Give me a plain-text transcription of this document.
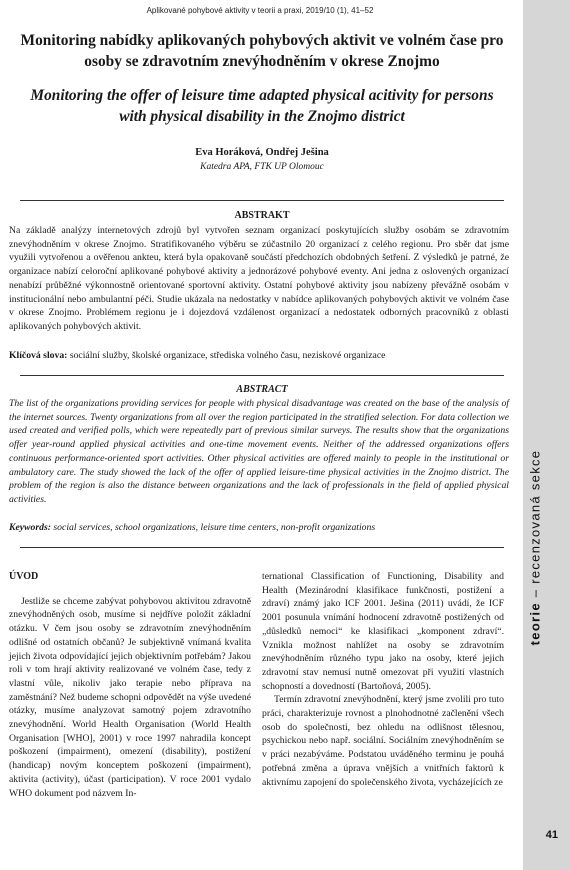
Aplikované pohybové aktivity v teorii a praxi, 2019/10 (1), 41–52
Monitoring nabídky aplikovaných pohybových aktivit ve volném čase pro osoby se zdravotním znevýhodněním v okrese Znojmo
Monitoring the offer of leisure time adapted physical acitivity for persons with physical disability in the Znojmo district
Eva Horáková, Ondřej Ješina
Katedra APA, FTK UP Olomouc
ABSTRAKT

Na základě analýzy internetových zdrojů byl vytvořen seznam organizací poskytujících služby osobám se zdravotním znevýhodněním v okrese Znojmo. Stratifikovaného výběru se zúčastnilo 20 organizací z celého regionu. Pro sběr dat jsme využili vytvořenou a ověřenou ankteu, která byla opakovaně součástí předchozích obdobných šetření. Z výsledků je patrné, že organizace nabízí celoroční aplikované pohybové aktivity a jednorázové pohybové eventy. Ani jedna z oslovených organizací nenabízí průběžné výkonnostně orientované sportovní aktivity. Ostatní pohybové aktivity jsou nabízeny převážně osobám v institucionální nebo ambulantní péči. Studie ukázala na nedostatky v nabídce aplikovaných pohybových aktivit ve volném čase v okrese Znojmo. Problémem regionu je i dojezdová vzdálenost organizací a nedostatek odborných pracovníků z oblasti aplikovaných pohybových aktivit.

Klíčová slova: sociální služby, školské organizace, střediska volného času, neziskové organizace
ABSTRACT

The list of the organizations providing services for people with physical disadvantage was created on the base of the analysis of the internet sources. Twenty organizations from all over the region participated in the stratified selection. For data collection we used created and verified polls, which were repeatedly part of previous similar surveys. The results show that the organizations offer year-round applied physical activities and one-time movement events. Neither of the addressed organizations offers continuous performance-oriented sport activities. Other physical activities are offered mainly to people in the institutional or ambulatory care. The study showed the lack of the offer of applied leisure-time physical activities in the Znojmo district. The problem of the region is also the distance between organizations and the lack of professionals in the field of applied physical activities.

Keywords: social services, school organizations, leisure time centers, non-profit organizations

ÚVOD

Jestliže se chceme zabývat pohybovou aktivitou zdravotně znevýhodněných osob, musíme si nejdříve položit základní otázku. V čem jsou osoby se zdravotním znevýhodněním odlišné od ostatních občanů? Je subjektivně vnímaná kvalita jejich života odpovídající jejich objektivním potřebám? Jakou roli v tom hrají aktivity realizované ve volném čase, tedy z vlastní vůle, nikoliv jako terapie nebo příprava na zaměstnání? Než budeme schopni odpovědět na výše uvedené otázky, musíme analyzovat samotný pojem zdravotního znevýhodnění. World Health Organisation (World Health Organisation [WHO], 2001) v roce 1997 nahradila koncept poškození (impairment), omezení (disability), postižení (handicap) novým konceptem poškození (impairment), aktivita (activity), účast (participation). V roce 2001 vydalo WHO dokument pod názvem In-

ternational Classification of Functioning, Disability and Health (Mezinárodní klasifikace funkčnosti, postižení a zdraví) známý jako ICF 2001. Ješina (2011) uvádí, že ICF 2001 posunula vnímání hodnocení zdravotně postižených od „důsledků nemoci“ ke klasifikaci „komponent zdraví“. Vznikla možnost nahlížet na osoby se zdravotním znevýhodněním různého typu jako na osoby, které jejich zdravotní stav nemusí nutně omezovat při využití vlastních schopností a dovedností (Bartoňová, 2005).

Termín zdravotní znevýhodnění, který jsme zvolili pro tuto práci, charakterizuje rovnost a plnohodnotné začlenění všech osob do společnosti, bez ohledu na odlišnost tělesnou, psychickou nebo např. sociální. Sociálním znevýhodněním se v práci nezabýváme. Podstatou uváděného terminu je pouhá potřebná změna a úprava vnějších a vnitřních faktorů k aktivnímu zapojení do společenského života, vycházejících ze

teorie – recenzovaná sekce
41
